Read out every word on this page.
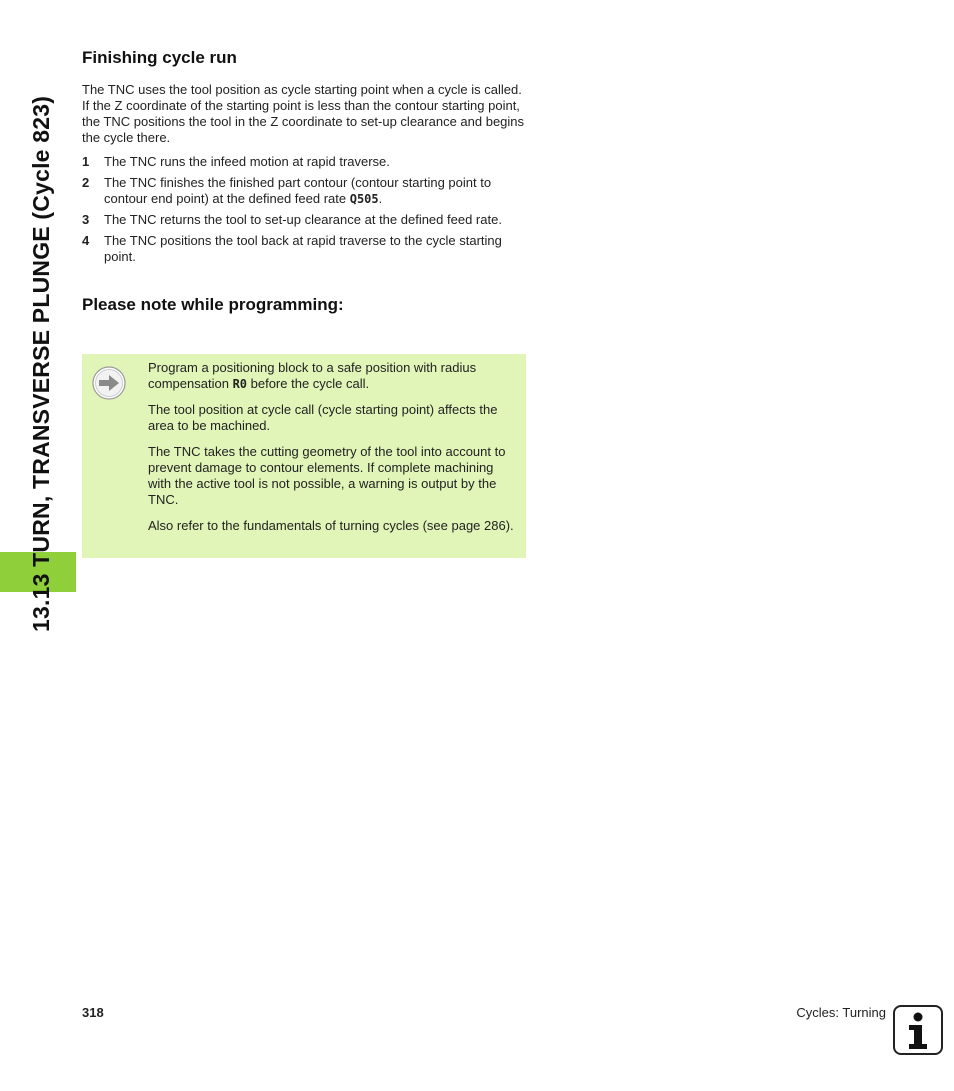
13.13 TURN, TRANSVERSE PLUNGE (Cycle 823)
Finishing cycle run

The TNC uses the tool position as cycle starting point when a cycle is called. If the Z coordinate of the starting point is less than the contour starting point, the TNC positions the tool in the Z coordinate to set-up clearance and begins the cycle there.

1 The TNC runs the infeed motion at rapid traverse.
2 The TNC finishes the finished part contour (contour starting point to contour end point) at the defined feed rate Q505.
3 The TNC returns the tool to set-up clearance at the defined feed rate.
4 The TNC positions the tool back at rapid traverse to the cycle starting point.
Please note while programming:

Program a positioning block to a safe position with radius compensation R0 before the cycle call.

The tool position at cycle call (cycle starting point) affects the area to be machined.

The TNC takes the cutting geometry of the tool into account to prevent damage to contour elements. If complete machining with the active tool is not possible, a warning is output by the TNC.

Also refer to the fundamentals of turning cycles (see page 286).

318	Cycles: Turning
